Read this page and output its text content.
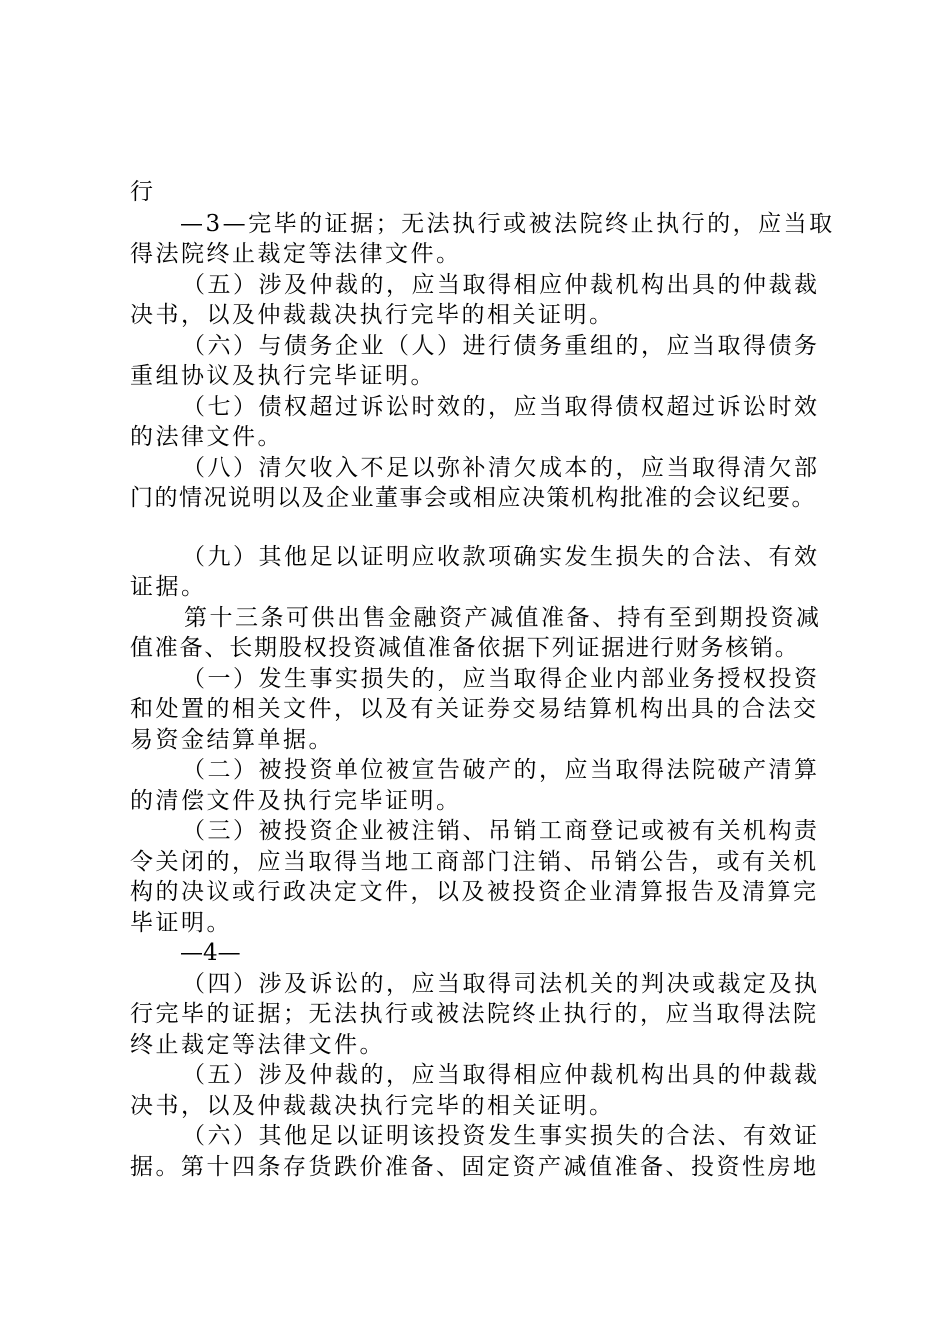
行
—3—完毕的证据；无法执行或被法院终止执行的，应当取
得法院终止裁定等法律文件。
（五）涉及仲裁的，应当取得相应仲裁机构出具的仲裁裁
决书，以及仲裁裁决执行完毕的相关证明。
（六）与债务企业（人）进行债务重组的，应当取得债务
重组协议及执行完毕证明。
（七）债权超过诉讼时效的，应当取得债权超过诉讼时效
的法律文件。
（八）清欠收入不足以弥补清欠成本的，应当取得清欠部
门的情况说明以及企业董事会或相应决策机构批准的会议纪要。
（九）其他足以证明应收款项确实发生损失的合法、有效
证据。
第十三条可供出售金融资产减值准备、持有至到期投资减
值准备、长期股权投资减值准备依据下列证据进行财务核销。
（一）发生事实损失的，应当取得企业内部业务授权投资
和处置的相关文件，以及有关证券交易结算机构出具的合法交
易资金结算单据。
（二）被投资单位被宣告破产的，应当取得法院破产清算
的清偿文件及执行完毕证明。
（三）被投资企业被注销、吊销工商登记或被有关机构责
令关闭的，应当取得当地工商部门注销、吊销公告，或有关机
构的决议或行政决定文件，以及被投资企业清算报告及清算完
毕证明。
—4—
（四）涉及诉讼的，应当取得司法机关的判决或裁定及执
行完毕的证据；无法执行或被法院终止执行的，应当取得法院
终止裁定等法律文件。
（五）涉及仲裁的，应当取得相应仲裁机构出具的仲裁裁
决书，以及仲裁裁决执行完毕的相关证明。
（六）其他足以证明该投资发生事实损失的合法、有效证
据。第十四条存货跌价准备、固定资产减值准备、投资性房地
